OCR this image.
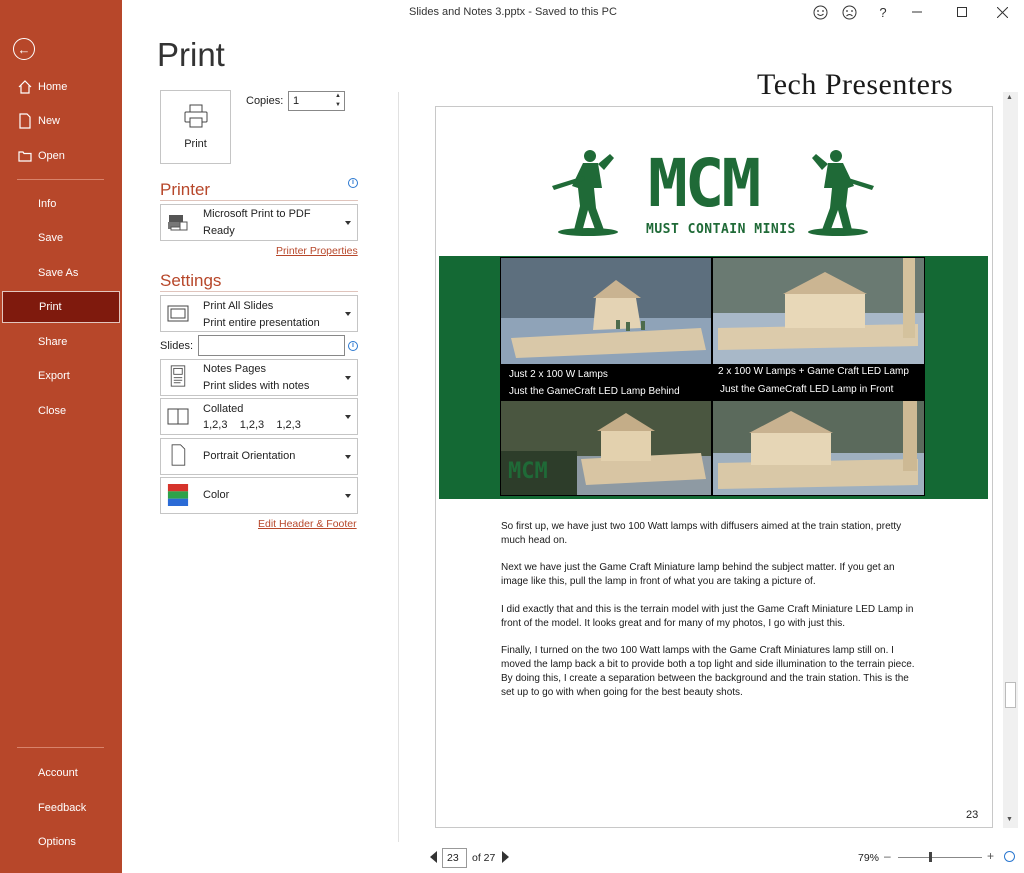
←
Home
New
Open
Info
Save
Save As
Print
Share
Export
Close
Account
Feedback
Options
Slides and Notes 3.pptx - Saved to this PC	?
Print
Print
Copies: 1	▲
▼
Printer	i
Microsoft Print to PDF
Ready
Printer Properties
Settings
Print All Slides
Print entire presentation
Slides:	i
Notes Pages
Print slides with notes
Collated
1,2,3    1,2,3    1,2,3
Portrait Orientation
Color
Edit Header & Footer
Tech Presenters
MCM
MUST CONTAIN MINIS
Just 2 x 100 W Lamps
Just the GameCraft LED Lamp Behind
2 x 100 W Lamps + Game Craft LED Lamp
Just the GameCraft LED Lamp in Front
MCM

So first up, we have just two 100 Watt lamps with diffusers aimed at the train station, pretty much head on.

Next we have just the Game Craft Miniature lamp behind the subject matter. If you get an image like this, pull the lamp in front of what you are taking a picture of.

I did exactly that and this is the terrain model with just the Game Craft Miniature LED Lamp in front of the model. It looks great and for many of my photos, I go with just this.

Finally, I turned on the two 100 Watt lamps with the Game Craft Miniatures lamp still on. I moved the lamp back a bit to provide both a top light and side illumination to the terrain piece. By doing this, I create a separation between the background and the train station. This is the set up to go with when going for the best beauty shots.

23
▲
▼
23	of 27	79% –	+
